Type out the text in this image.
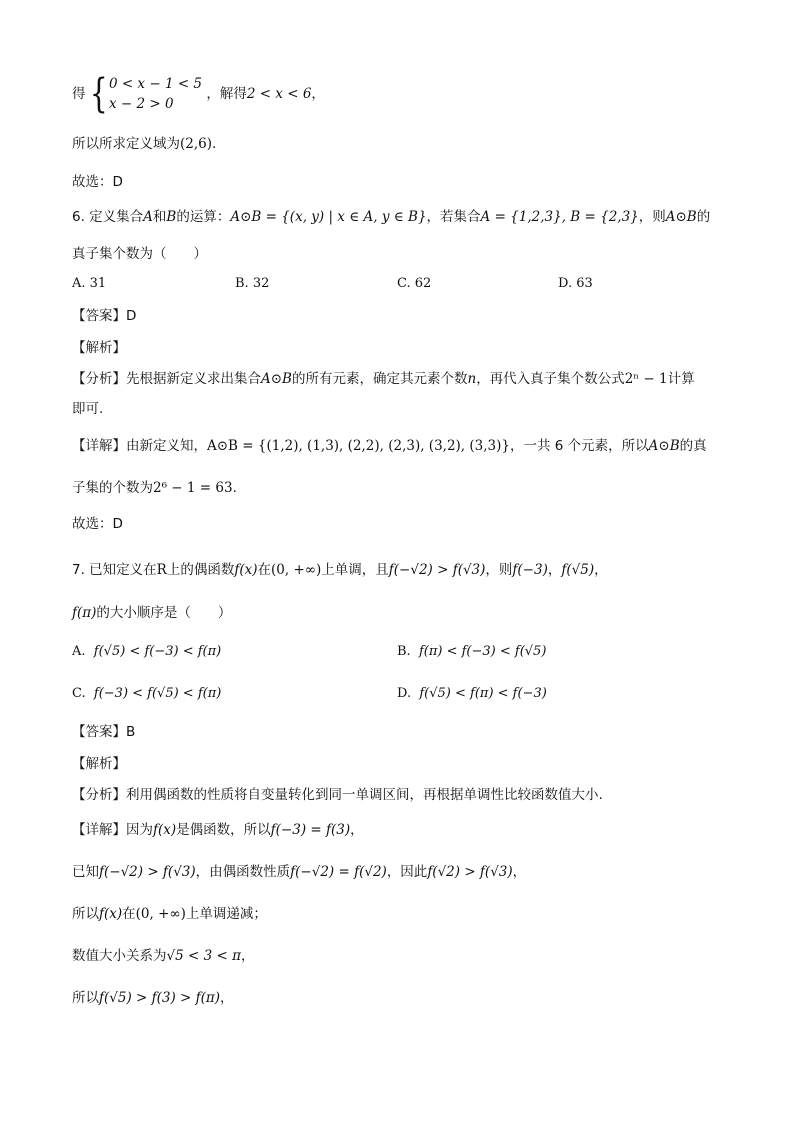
得{ 0 < x − 1 < 5
x − 2 > 0
，解得2 < x < 6，
所以所求定义域为(2,6).
故选：D
6. 定义集合A和B的运算：A⊙B = {(x, y) | x ∈ A, y ∈ B}，若集合A = {1,2,3}, B = {2,3}，则A⊙B的
真子集个数为（　　）
A. 31	B. 32	C. 62	D. 63
【答案】D
【解析】
【分析】先根据新定义求出集合A⊙B的所有元素，确定其元素个数n，再代入真子集个数公式2ⁿ − 1计算
即可.
【详解】由新定义知，A⊙B = {(1,2), (1,3), (2,2), (2,3), (3,2), (3,3)}，一共 6 个元素，所以A⊙B的真
子集的个数为2⁶ − 1 = 63.
故选：D
7. 已知定义在R上的偶函数f(x)在(0, +∞)上单调，且f(−√2) > f(√3)，则f(−3)，f(√5)，
f(π)的大小顺序是（　　）
A. f(√5) < f(−3) < f(π)	B. f(π) < f(−3) < f(√5)
C. f(−3) < f(√5) < f(π)	D. f(√5) < f(π) < f(−3)
【答案】B
【解析】
【分析】利用偶函数的性质将自变量转化到同一单调区间，再根据单调性比较函数值大小.
【详解】因为f(x)是偶函数，所以f(−3) = f(3)，
已知f(−√2) > f(√3)，由偶函数性质f(−√2) = f(√2)，因此f(√2) > f(√3)，
所以f(x)在(0, +∞)上单调递减；
数值大小关系为√5 < 3 < π，
所以f(√5) > f(3) > f(π)，
